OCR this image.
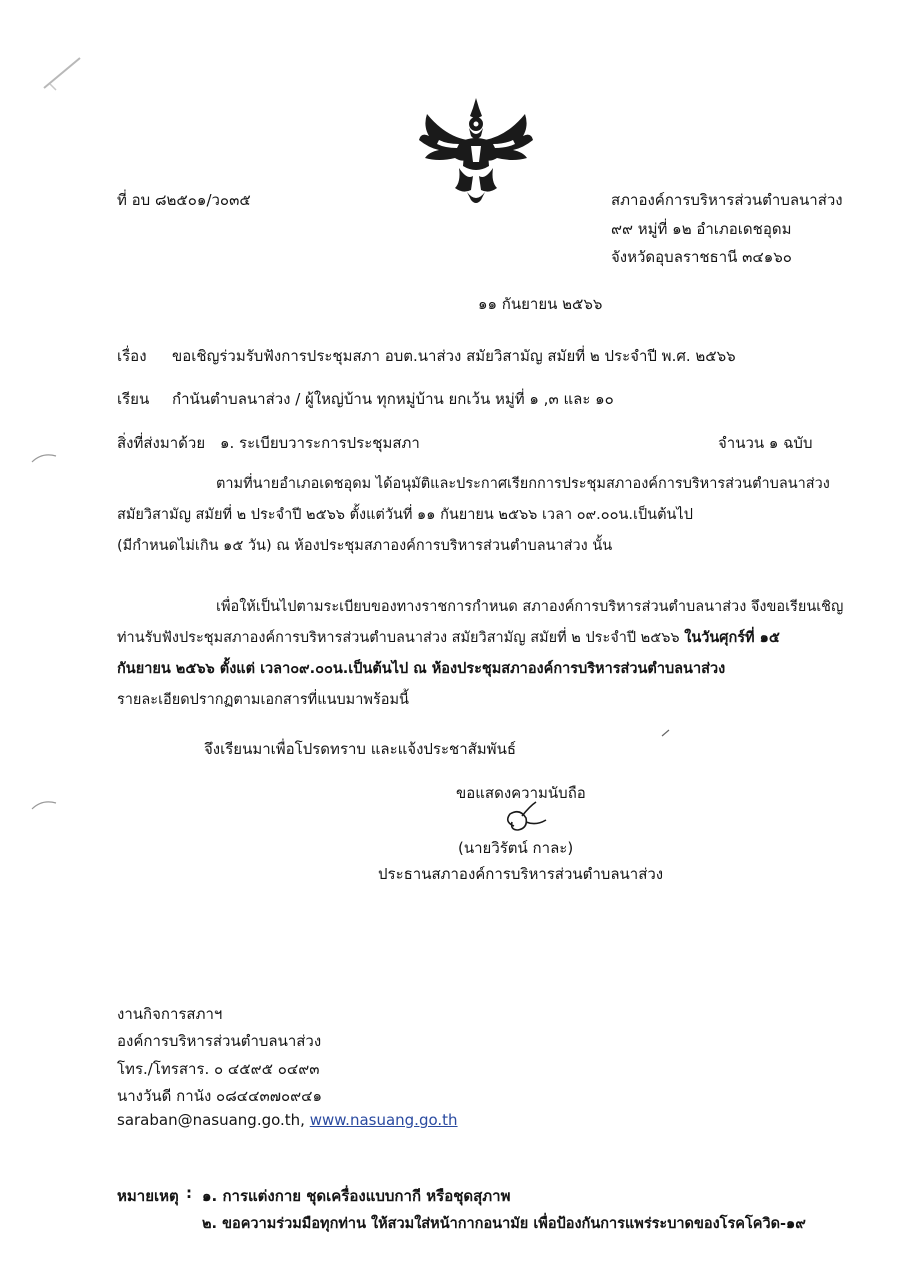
ที่ อบ ๘๒๕๐๑/ว๐๓๕	สภาองค์การบริหารส่วนตำบลนาส่วง
๙๙ หมู่ที่ ๑๒ อำเภอเดชอุดม
จังหวัดอุบลราชธานี ๓๔๑๖๐
๑๑ กันยายน ๒๕๖๖
เรื่อง ขอเชิญร่วมรับฟังการประชุมสภา อบต.นาส่วง สมัยวิสามัญ สมัยที่ ๒ ประจำปี พ.ศ. ๒๕๖๖
เรียน กำนันตำบลนาส่วง / ผู้ใหญ่บ้าน ทุกหมู่บ้าน ยกเว้น หมู่ที่ ๑ ,๓ และ ๑๐
สิ่งที่ส่งมาด้วย ๑. ระเบียบวาระการประชุมสภา	จำนวน ๑ ฉบับ
ตามที่นายอำเภอเดชอุดม ได้อนุมัติและประกาศเรียกการประชุมสภาองค์การบริหารส่วนตำบลนาส่วง
สมัยวิสามัญ สมัยที่ ๒ ประจำปี ๒๕๖๖ ตั้งแต่วันที่ ๑๑ กันยายน ๒๕๖๖ เวลา ๐๙.๐๐น.เป็นต้นไป
(มีกำหนดไม่เกิน ๑๕ วัน) ณ ห้องประชุมสภาองค์การบริหารส่วนตำบลนาส่วง นั้น
เพื่อให้เป็นไปตามระเบียบของทางราชการกำหนด สภาองค์การบริหารส่วนตำบลนาส่วง จึงขอเรียนเชิญ
ท่านรับฟังประชุมสภาองค์การบริหารส่วนตำบลนาส่วง สมัยวิสามัญ สมัยที่ ๒ ประจำปี ๒๕๖๖ ในวันศุกร์ที่ ๑๕
กันยายน ๒๕๖๖ ตั้งแต่ เวลา๐๙.๐๐น.เป็นต้นไป ณ ห้องประชุมสภาองค์การบริหารส่วนตำบลนาส่วง
รายละเอียดปรากฏตามเอกสารที่แนบมาพร้อมนี้
จึงเรียนมาเพื่อโปรดทราบ และแจ้งประชาสัมพันธ์
ขอแสดงความนับถือ
(นายวิรัตน์ กาละ)
ประธานสภาองค์การบริหารส่วนตำบลนาส่วง
งานกิจการสภาฯ
องค์การบริหารส่วนตำบลนาส่วง
โทร./โทรสาร. ๐ ๔๕๙๕ ๐๔๙๓
นางวันดี กานัง ๐๘๔๔๓๗๐๙๔๑
saraban@nasuang.go.th, www.nasuang.go.th
หมายเหตุ : ๑. การแต่งกาย ชุดเครื่องแบบกากี หรือชุดสุภาพ
๒. ขอความร่วมมือทุกท่าน ให้สวมใส่หน้ากากอนามัย เพื่อป้องกันการแพร่ระบาดของโรคโควิด-๑๙
